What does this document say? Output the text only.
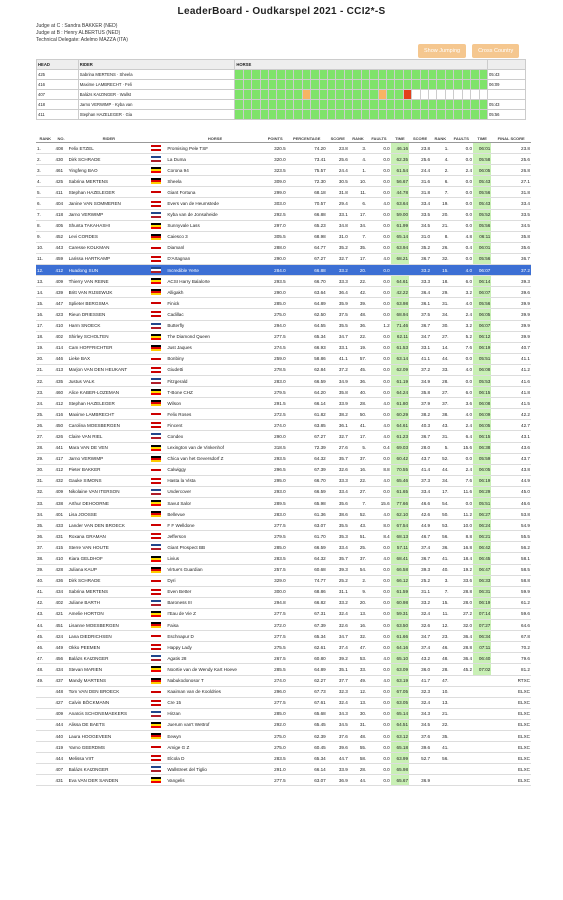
LeaderBoard - Oudkarspel 2021 - CCI2*-S
Judge at C : Sandra BAKKER (NED)
Judge at B : Henry ALBERTUS (NED)
Technical Delegate: Adelmo MAZZA (ITA)
Show Jumping	Cross Country
HEAD	RIDER	HORSE																														
425	Sabrina MERTENS · Sheela																															05:43
416	Maxime LAMBRECHT · Feli																															06:09
407	Balázs KAIZINGER · Wallst																															
418	Jarno VERWIMP · Kyba van																															05:43
411	Stephan HAZELEGER · Gia																															05:56
RANK	NO.	RIDER		HORSE	POINTS	PERCENTAGE	SCORE	RANK	FAULTS	TIME	SCORE	RANK	FAULTS	TIME	FINAL SCORE
1.	408	Felix ETZEL		Promising Pele TSF	320.5	74.20	23.8	3.	0.0	46.16	23.8	1.	0.0	06:01	23.8
2.	430	Dirk SCHRADE		La Duma	320.0	73.41	25.6	4.	0.0	62.35	25.6	4.	0.0	05:58	25.6
3.	461	Yingfeng BAO		Corona 94	323.5	75.57	24.4	1.	0.0	61.54	24.4	2.	2.4	06:05	26.8
4.	425	Sabrina MERTENS		Sheela	309.0	72.30	30.5	10.	0.0	56.67	31.6	6.	0.0	05:43	27.1
5.	411	Stephan HAZELEGER		Giant Fortuna	299.0	68.18	31.8	11.	0.0	44.78	31.8	7.	0.0	05:56	31.8
6.	404	Janine VAN SOMMEREN		Evers van de Heumstede	303.0	70.57	29.4	6.	4.0	63.64	33.4	19.	0.0	05:43	33.4
7.	418	Jarno VERWIMP		Kyba van de Jonsaheide	292.5	66.88	33.1	17.	0.0	59.00	33.5	20.	0.0	05:52	33.5
8.	405	Shunta TAKAHASHI		Sunnyvale Lass	297.0	65.23	34.8	34.	0.0	61.99	34.5	21.	0.0	05:56	34.5
9.	452	Levi CORDES		Caiesco 3	305.5	68.98	31.0	7.	0.0	65.14	31.0	8.	4.8	06:11	35.8
10.	443	Caresse KOLKMAN		Diamanl	288.0	64.77	35.2	35.	0.0	63.94	35.2	26.	0.4	06:01	35.6
11.	459	Larissa HARTKAMP		D'Artagnan	290.0	67.27	32.7	17.	4.0	68.21	36.7	32.	0.0	05:56	36.7
12.	412	Huadong SUN		Incredible Yerte	284.0	66.88	33.2	20.	0.0		33.2	15.	4.0	06:07	37.2
13.	409	Thierry VAN REINE		ACSI Harry Balalorte	293.5	66.70	33.3	22.	0.0	64.61	33.3	18.	6.0	06:14	39.3
14.	439	Britt VAN RIJSEWIJK		Alligakh	290.0	63.64	36.4	42.	0.0	42.22	36.4	29.	3.2	06:07	39.6
15.	447	Splieter BERGSMA		Finick	285.0	64.89	35.9	39.	0.0	63.98	36.1	31.	4.0	05:56	39.9
16.	423	Rieun DRIESSEN		Cadillac	275.0	62.50	37.5	48.	0.0	68.94	37.5	34.	2.4	06:05	39.9
17.	410	Harm SNOECK		Butterfly	294.0	64.55	35.5	36.	1.2	71.46	36.7	30.	3.2	06:07	39.9
18.	402	Shirley SCHOLTEN		The Diamond Queen	277.5	65.34	34.7	22.	0.0	62.11	34.7	27.	5.2	06:12	39.9
19.	414	Cam HOFFRICHTER		Just Jaques	274.5	66.93	33.1	19.	0.0	61.53	33.1	14.	7.6	06:19	40.7
20.	446	Lieke BAX		Bonbiny	259.0	58.86	41.1	57.	0.0	63.14	41.1	44.	0.0	05:51	41.1
21.	413	Marjon VAN DEN HEUKANT		Giudetti	278.5	62.84	37.2	45.	0.0	62.09	37.2	33.	4.0	06:08	41.2
22.	435	Justus VALK		Fitzgerald	283.0	66.59	34.9	36.	0.0	61.19	34.9	28.	0.0	05:53	41.6
23.	460	Alice KABER-LOZEMAN		T-Bone CHZ	279.5	64.20	35.8	40.	0.0	64.24	35.8	27.	6.0	06:15	41.8
24.	412	Stephan HAZELEGER		Wilson	291.5	66.14	33.9	28.	4.0	61.80	37.9	37.	3.6	06:08	41.5
25.	416	Maxime LAMBRECHT		Felix Roses	272.5	61.82	38.2	50.	0.0	60.29	38.2	38.	4.0	06:09	42.2
26.	450	Carolina MOESBERGEN		Fincent	274.0	63.85	36.1	41.	4.0	64.61	40.3	43.	2.4	06:05	42.7
27.	426	Claire VAN RIEL		Condex	290.0	67.27	32.7	17.	4.0	61.23	36.7	31.	6.4	06:15	43.1
28.	441	Mara VAN DE VEN		Lexington van de Vinkenhof	318.5	72.39	27.6	5.	0.4	69.03	28.0	5.	15.6	06:38	43.6
29.	417	Jarno VERWIMP		Chica van het Geversdorf Z	293.5	64.32	35.7	37.	0.0	60.42	43.7	52.	0.0	05:59	43.7
30.	412	Pieter BAKKER		Calwiggy	296.5	67.39	32.6	16.	8.8	70.55	41.4	44.	2.4	06:05	43.8
31.	432	Gauke SIMONS		Hasta la Vista	295.0	66.70	33.3	22.	4.0	65.46	37.3	34.	7.6	06:19	44.9
32.	409	Nikolaine VAN ITERSON		Undercover	293.0	66.59	33.4	27.	0.0	61.65	33.4	17.	11.6	06:29	45.0
33.	438	Arthur DEHOORNE		Savut Salor	289.5	65.98	35.6	7.	15.6	77.66	46.6	54.	0.0	05:51	46.6
34.	401	Lisa JOOSSE		Bellevue	283.0	61.36	38.6	52.	4.0	62.10	42.6	50.	11.2	06:27	53.8
35.	433	Lander VAN DEN BROECK		F F Welldone	277.5	63.07	35.5	43.	8.0	67.54	44.9	53.	10.0	06:24	54.9
36.	431	Roxana GRAMAN		Jefferson	279.5	61.70	35.3	51.	8.4	68.13	46.7	56.	8.8	06:21	55.5
37.	415	Sterre VAN HOUTE		Giant Prospect BB	285.0	66.59	33.4	25.	0.0	57.11	37.4	36.	16.8	06:42	56.2
38.	410	Kiara GELDHOF		Livius	283.5	64.32	35.7	37.	4.0	68.41	36.7	41.	18.4	06:45	58.1
39.	428	Juliana KAUP		Virtue's Guardian	257.5	60.68	39.3	54.	0.0	66.58	39.3	40.	19.2	06:47	58.5
40.	436	Dirk SCHRADE		Dyri	329.0	74.77	25.2	2.	0.0	66.12	25.2	3.	33.6	06:33	58.8
41.	434	Sabrina MERTENS		Even Better	300.0	68.86	31.1	9.	0.0	61.59	31.1	7.	28.8	06:31	59.9
42.	402	Juliane BARTH		Baroness III	294.8	66.82	33.2	20.	0.0	60.98	33.2	15.	28.0	06:19	61.2
43.	421	Amelie HORTON		I'Eau de Vie Z	277.5	67.31	32.4	13.	0.0	59.31	32.4	11.	27.2	07:14	59.6
44.	451	Lisanne MOESBERGEN		Faisa	272.0	67.39	32.6	16.	0.0	63.50	32.6	12.	32.0	07:27	64.6
45.	424	Lana DIEDRICHSEN		Eschnapur D	277.5	65.34	34.7	32.	0.0	61.66	34.7	23.	36.4	06:34	67.8
46.	449	Okko PEEMEN		Happy Lady	275.5	62.61	37.4	47.	0.0	64.16	37.4	46.	28.8	07:11	70.2
47.	456	Balázs KAIZINGER		Agatis 28	267.5	60.80	39.2	53.	4.0	65.10	43.2	48.	36.4	06:40	79.6
48.	434	Stevan MARIEN		Noortie van de Wendy Kart Hoeve	285.5	64.89	35.1	33.	0.0	63.09	36.0	28.	45.2	07:02	81.2
49.	437	Mandy MARTENS		Nabukodonosor T	274.0	62.27	37.7	49.	4.0	63.19	41.7	47.			RTXC
	448	Tom VAN DEN BROECK		Kaaiman van de Kooldries	296.0	67.73	32.3	12.	0.0	67.05	32.3	10.			ELXC
	427	Calvin BÖCKMANN		Cre 15	277.5	67.61	32.4	13.	0.0	63.05	32.4	13.			ELXC
	409	Anaïcis SCHONSMAEKERS		Hirzan	285.0	65.68	34.3	30.	0.0	65.14	34.3	21.			ELXC
	444	Alissa DE BAETS		Juerum van't Wettrof	292.0	65.45	34.5	31.	0.0	64.51	34.5	22.			ELXC
	440	Laura HOOGEVEEN		Eewyn	275.0	62.39	37.6	48.	0.0	63.12	37.6	35.			ELXC
	419	Yarno GEERDMS		Amige G Z	275.0	60.45	39.6	55.	0.0	65.18	39.6	41.			ELXC
	444	Melissa VIIT		Elcola D	283.5	65.34	44.7	58.	0.0	63.99	52.7	56.			ELXC
	407	Balázs KAIZINGER		Wallstreet del Tiglio	291.0	66.14	33.9	28.	0.0	65.98					ELXC
	431	Eva VAN DER SANDEN		Vangelis	277.5	63.07	36.9	44.	0.0	65.67	36.9				ELXC
